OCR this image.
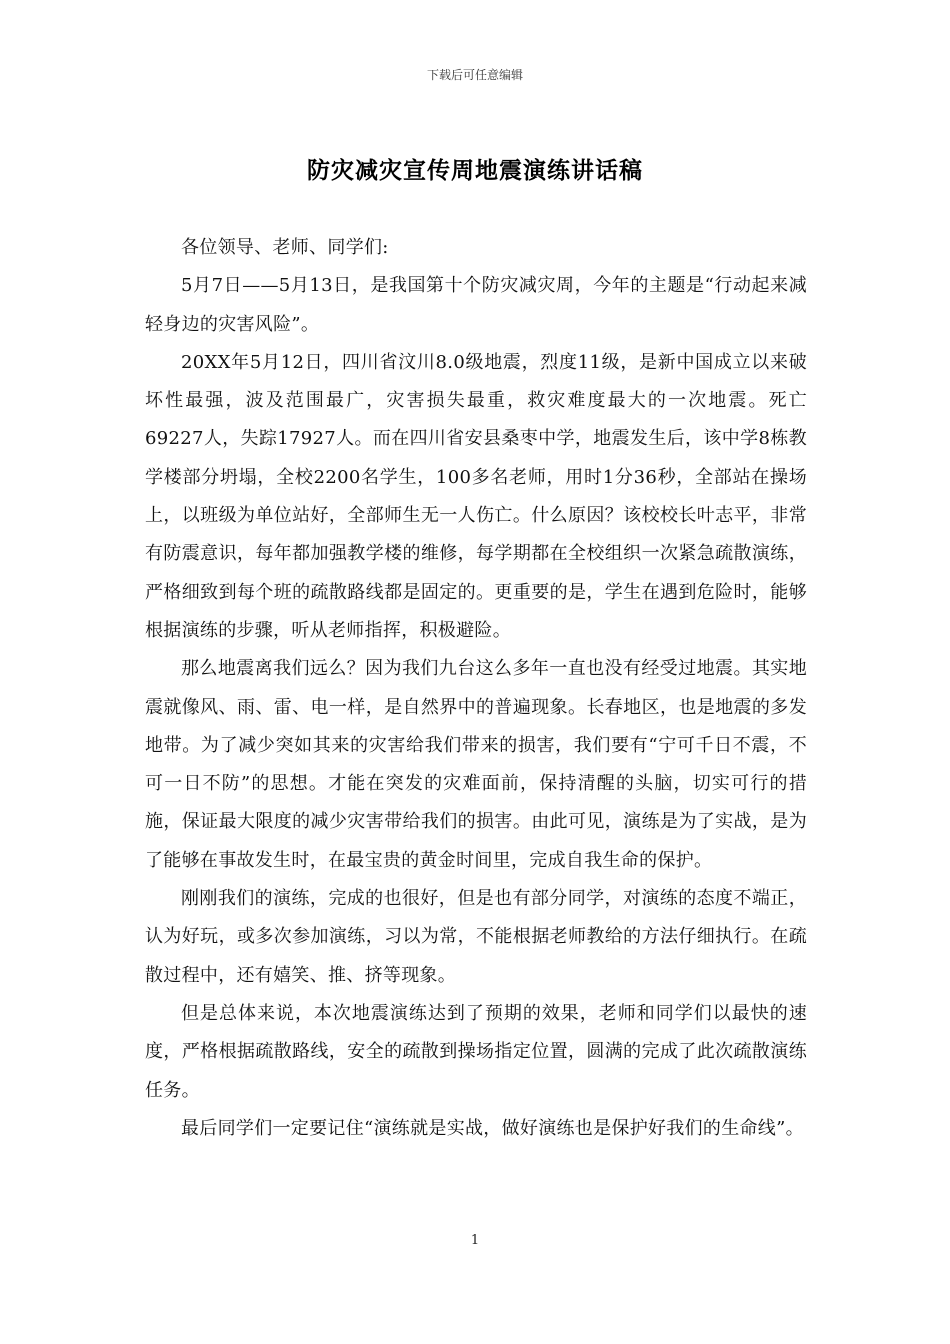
下载后可任意编辑
防灾减灾宣传周地震演练讲话稿

各位领导、老师、同学们:

5月7日——5月13日，是我国第十个防灾减灾周，今年的主题是“行动起来减轻身边的灾害风险”。

20XX年5月12日，四川省汶川8.0级地震，烈度11级，是新中国成立以来破坏性最强，波及范围最广，灾害损失最重，救灾难度最大的一次地震。死亡69227人，失踪17927人。而在四川省安县桑枣中学，地震发生后，该中学8栋教学楼部分坍塌，全校2200名学生，100多名老师，用时1分36秒，全部站在操场上，以班级为单位站好，全部师生无一人伤亡。什么原因？该校校长叶志平，非常有防震意识，每年都加强教学楼的维修，每学期都在全校组织一次紧急疏散演练，严格细致到每个班的疏散路线都是固定的。更重要的是，学生在遇到危险时，能够根据演练的步骤，听从老师指挥，积极避险。

那么地震离我们远么？因为我们九台这么多年一直也没有经受过地震。其实地震就像风、雨、雷、电一样，是自然界中的普遍现象。长春地区，也是地震的多发地带。为了减少突如其来的灾害给我们带来的损害，我们要有“宁可千日不震，不可一日不防”的思想。才能在突发的灾难面前，保持清醒的头脑，切实可行的措施，保证最大限度的减少灾害带给我们的损害。由此可见，演练是为了实战，是为了能够在事故发生时，在最宝贵的黄金时间里，完成自我生命的保护。

刚刚我们的演练，完成的也很好，但是也有部分同学，对演练的态度不端正，认为好玩，或多次参加演练，习以为常，不能根据老师教给的方法仔细执行。在疏散过程中，还有嬉笑、推、挤等现象。

但是总体来说，本次地震演练达到了预期的效果，老师和同学们以最快的速度，严格根据疏散路线，安全的疏散到操场指定位置，圆满的完成了此次疏散演练任务。

最后同学们一定要记住“演练就是实战，做好演练也是保护好我们的生命线”。

1
